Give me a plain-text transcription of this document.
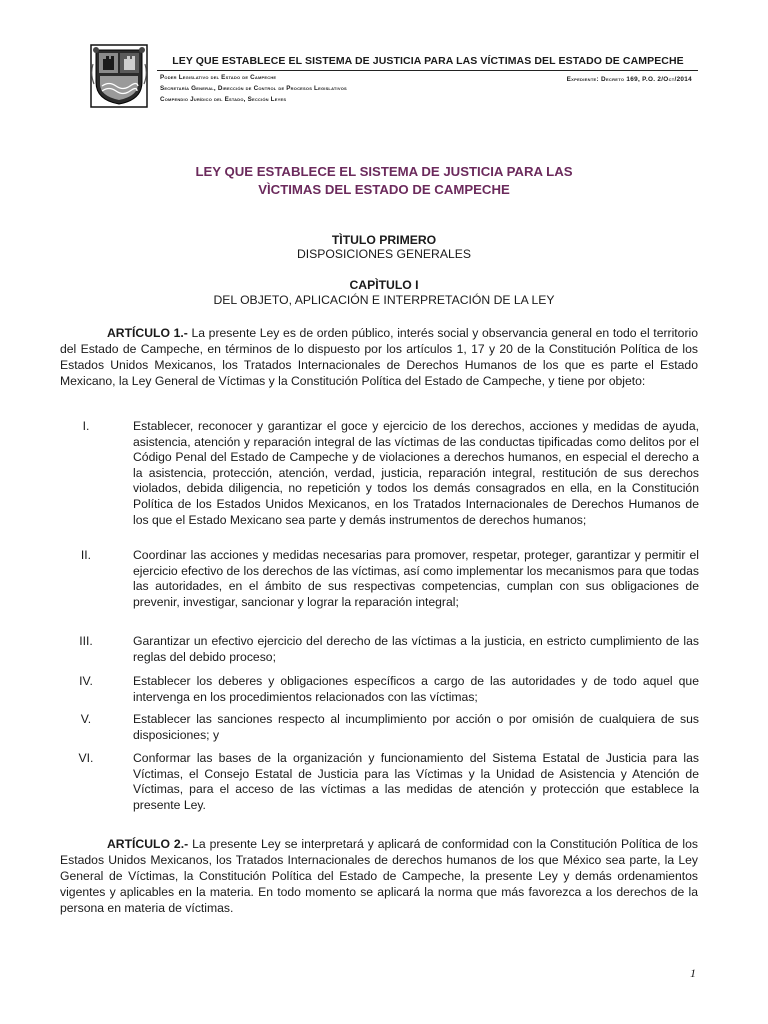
LEY QUE ESTABLECE EL SISTEMA DE JUSTICIA PARA LAS VÍCTIMAS DEL ESTADO DE CAMPECHE
Poder Legislativo del Estado de Campeche
Secretaría General, Dirección de Control de Procesos Legislativos
Compendio Jurídico del Estado, Sección Leyes
Expediente: Decreto 169, P.O. 2/Oct/2014
LEY QUE ESTABLECE EL SISTEMA DE JUSTICIA PARA LAS
VÌCTIMAS DEL ESTADO DE CAMPECHE
TÌTULO PRIMERO
DISPOSICIONES GENERALES
CAPÌTULO I
DEL OBJETO, APLICACIÓN E INTERPRETACIÓN DE LA LEY
ARTÍCULO 1.- La presente Ley es de orden público, interés social y observancia general en todo el territorio del Estado de Campeche, en términos de lo dispuesto por los artículos 1, 17 y 20 de la Constitución Política de los Estados Unidos Mexicanos, los Tratados Internacionales de Derechos Humanos de los que es parte el Estado Mexicano, la Ley General de Víctimas y la Constitución Política del Estado de Campeche, y tiene por objeto:
I.	Establecer, reconocer y garantizar el goce y ejercicio de los derechos, acciones y medidas de ayuda, asistencia, atención y reparación integral de las víctimas de las conductas tipificadas como delitos por el Código Penal del Estado de Campeche y de violaciones a derechos humanos, en especial el derecho a la asistencia, protección, atención, verdad, justicia, reparación integral, restitución de sus derechos violados, debida diligencia, no repetición y todos los demás consagrados en ella, en la Constitución Política de los Estados Unidos Mexicanos, en los Tratados Internacionales de Derechos Humanos de los que el Estado Mexicano sea parte y demás instrumentos de derechos humanos;
II.	Coordinar las acciones y medidas necesarias para promover, respetar, proteger, garantizar y permitir el ejercicio efectivo de los derechos de las víctimas, así como implementar los mecanismos para que todas las autoridades, en el ámbito de sus respectivas competencias, cumplan con sus obligaciones de prevenir, investigar, sancionar y lograr la reparación integral;
III.	Garantizar un efectivo ejercicio del derecho de las víctimas a la justicia, en estricto cumplimiento de las reglas del debido proceso;
IV.	Establecer los deberes y obligaciones específicos a cargo de las autoridades y de todo aquel que intervenga en los procedimientos relacionados con las víctimas;
V.	Establecer las sanciones respecto al incumplimiento por acción o por omisión de cualquiera de sus disposiciones; y
VI.	Conformar las bases de la organización y funcionamiento del Sistema Estatal de Justicia para las Víctimas, el Consejo Estatal de Justicia para las Víctimas y la Unidad de Asistencia y Atención de Víctimas, para el acceso de las víctimas a las medidas de atención y protección que establece la presente Ley.
ARTÍCULO 2.- La presente Ley se interpretará y aplicará de conformidad con la Constitución Política de los Estados Unidos Mexicanos, los Tratados Internacionales de derechos humanos de los que México sea parte, la Ley General de Víctimas, la Constitución Política del Estado de Campeche, la presente Ley y demás ordenamientos vigentes y aplicables en la materia. En todo momento se aplicará la norma que más favorezca a los derechos de la persona en materia de víctimas.
1
